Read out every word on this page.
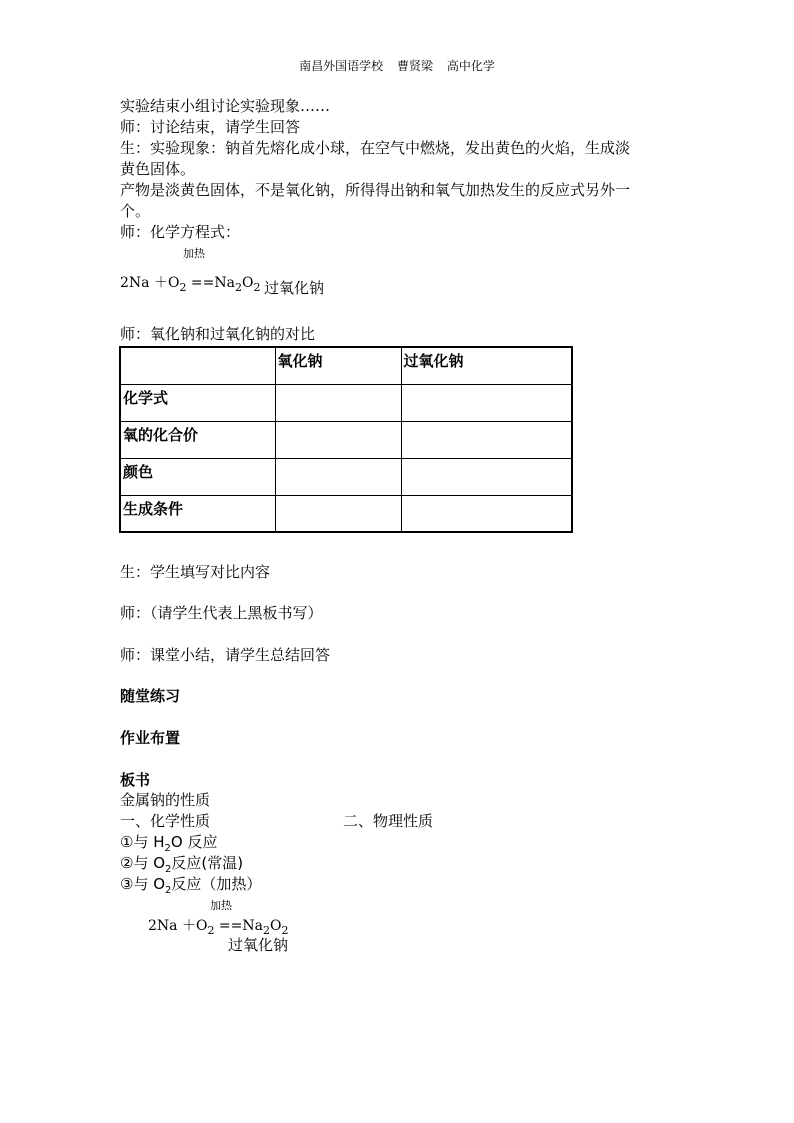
南昌外国语学校 曹贤梁 高中化学
实验结束小组讨论实验现象……
师：讨论结束，请学生回答
生：实验现象：钠首先熔化成小球，在空气中燃烧，发出黄色的火焰，生成淡
黄色固体。
产物是淡黄色固体，不是氧化钠，所得得出钠和氧气加热发生的反应式另外一
个。
师：化学方程式：
加热
$2Na +O_2 ==Na_2O_2$ 过氧化钠
师：氧化钠和过氧化钠的对比
	氧化钠	过氧化钠
化学式		
氧的化合价		
颜色		
生成条件		
生：学生填写对比内容
师：（请学生代表上黑板书写）
师：课堂小结，请学生总结回答
随堂练习
作业布置
板书
金属钠的性质
一、化学性质	二、物理性质
①与 $H_2O$ 反应
②与 $O_2$反应(常温)
③与 $O_2$反应（加热）
加热
$2Na +O_2 ==Na_2O_2$
过氧化钠
